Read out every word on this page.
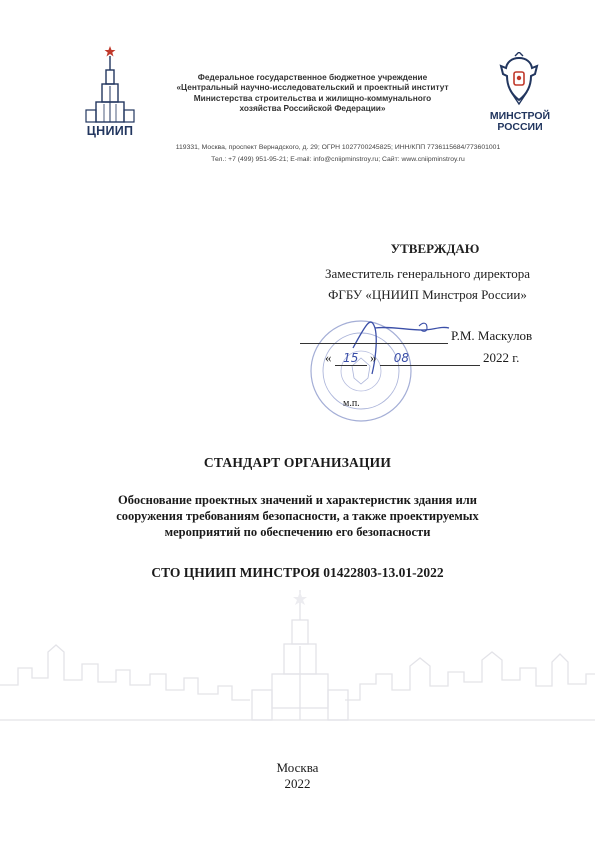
ЦНИИП
Федеральное государственное бюджетное учреждение
«Центральный научно-исследовательский и проектный институт
Министерства строительства и жилищно-коммунального
хозяйства Российской Федерации»
МИНСТРОЙ
РОССИИ
119331, Москва, проспект Вернадского, д. 29; ОГРН 1027700245825; ИНН/КПП 7736115684/773601001
Тел.: +7 (499) 951-95-21; E-mail: info@cniipminstroy.ru; Сайт: www.cniipminstroy.ru
УТВЕРЖДАЮ
Заместитель генерального директора
ФГБУ «ЦНИИП Минстроя России»
Р.М. Маскулов
« 15 » 08	2022 г.
м.п.
СТАНДАРТ ОРГАНИЗАЦИИ
Обоснование проектных значений и характеристик здания или
сооружения требованиям безопасности, а также проектируемых
мероприятий по обеспечению его безопасности
СТО ЦНИИП МИНСТРОЯ 01422803-13.01-2022
Москва
2022
